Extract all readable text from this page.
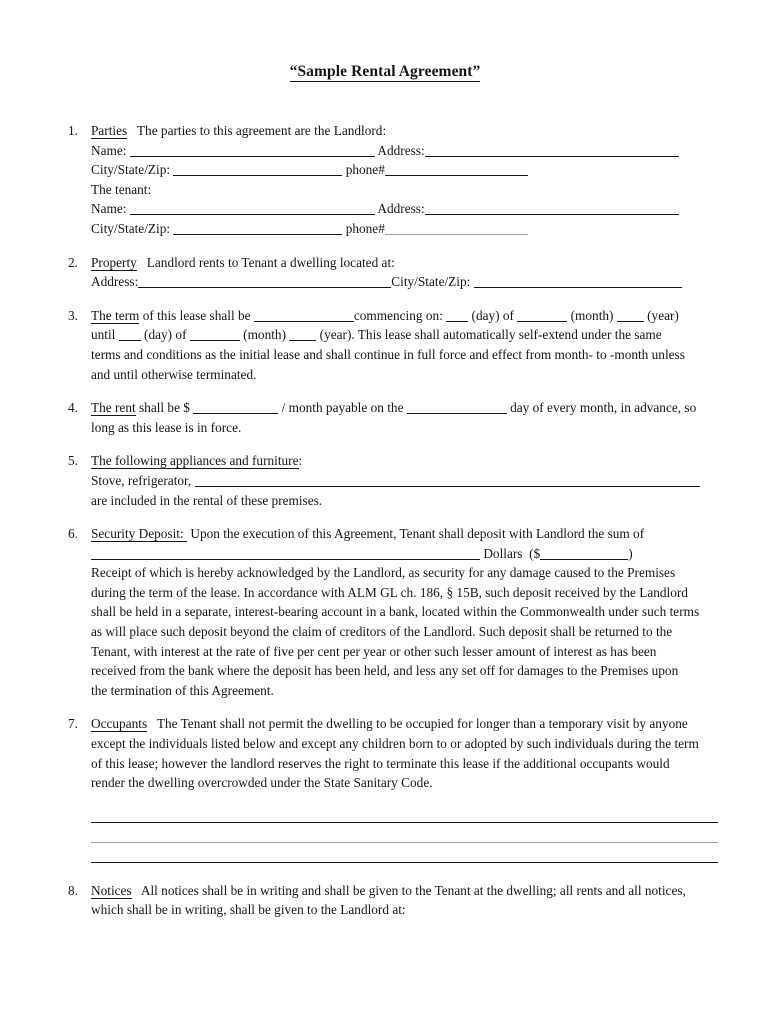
“Sample Rental Agreement”
1. Parties   The parties to this agreement are the Landlord:
Name:	Address:
City/State/Zip:	phone#
The tenant:
Name:	Address:
City/State/Zip:	phone#
2. Property   Landlord rents to Tenant a dwelling located at:
Address:	City/State/Zip:
3. The term of this lease shall be	commencing on:  (day) of	(month)  (year)
until  (day) of	(month)  (year). This lease shall automatically self-extend under the same
terms and conditions as the initial lease and shall continue in full force and effect from month- to -month unless
and until otherwise terminated.
4. The rent shall be $	/ month payable on the	day of every month, in advance, so
long as this lease is in force.
5. The following appliances and furniture:
Stove, refrigerator,
are included in the rental of these premises.
6. Security Deposit:  Upon the execution of this Agreement, Tenant shall deposit with Landlord the sum of
Dollars  ($	)
Receipt of which is hereby acknowledged by the Landlord, as security for any damage caused to the Premises
during the term of the lease. In accordance with ALM GL ch. 186, § 15B, such deposit received by the Landlord
shall be held in a separate, interest-bearing account in a bank, located within the Commonwealth under such terms
as will place such deposit beyond the claim of creditors of the Landlord. Such deposit shall be returned to the
Tenant, with interest at the rate of five per cent per year or other such lesser amount of interest as has been
received from the bank where the deposit has been held, and less any set off for damages to the Premises upon
the termination of this Agreement.
7. Occupants   The Tenant shall not permit the dwelling to be occupied for longer than a temporary visit by anyone
except the individuals listed below and except any children born to or adopted by such individuals during the term
of this lease; however the landlord reserves the right to terminate this lease if the additional occupants would
render the dwelling overcrowded under the State Sanitary Code.

8. Notices   All notices shall be in writing and shall be given to the Tenant at the dwelling; all rents and all notices,
which shall be in writing, shall be given to the Landlord at:
